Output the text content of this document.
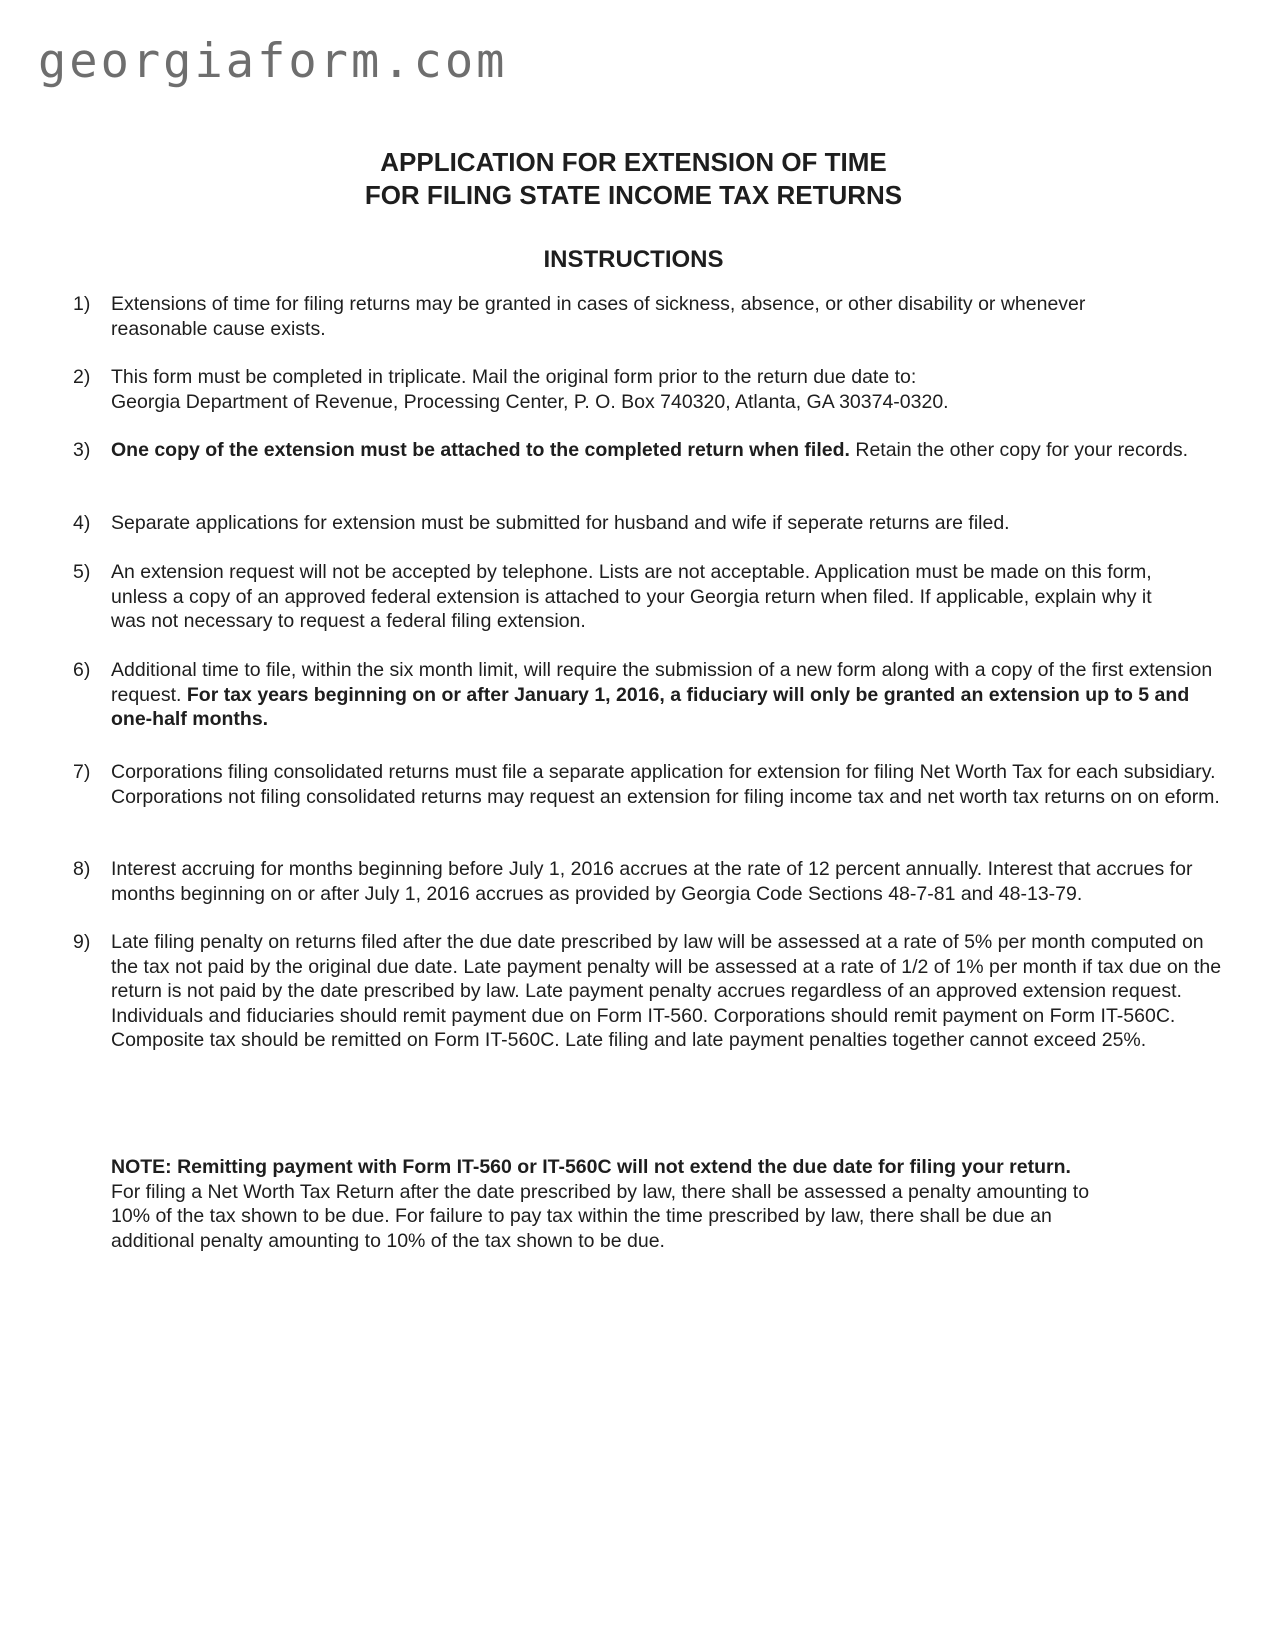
georgiaform.com
APPLICATION FOR EXTENSION OF TIME
FOR FILING STATE INCOME TAX RETURNS
INSTRUCTIONS
1) Extensions of time for filing returns may be granted in cases of sickness, absence, or other disability or whenever reasonable cause exists.
2) This form must be completed in triplicate. Mail the original form prior to the return due date to:
Georgia Department of Revenue, Processing Center, P. O. Box 740320, Atlanta, GA 30374-0320.
3) One copy of the extension must be attached to the completed return when filed. Retain the other copy for your records.
4) Separate applications for extension must be submitted for husband and wife if seperate returns are filed.
5) An extension request will not be accepted by telephone. Lists are not acceptable. Application must be made on this form, unless a copy of an approved federal extension is attached to your Georgia return when filed. If applicable, explain why it was not necessary to request a federal filing extension.
6) Additional time to file, within the six month limit, will require the submission of a new form along with a copy of the first extension request. For tax years beginning on or after January 1, 2016, a fiduciary will only be granted an extension up to 5 and one-half months.
7) Corporations filing consolidated returns must file a separate application for extension for filing Net Worth Tax for each subsidiary. Corporations not filing consolidated returns may request an extension for filing income tax and net worth tax returns on on eform.
8) Interest accruing for months beginning before July 1, 2016 accrues at the rate of 12 percent annually. Interest that accrues for months beginning on or after July 1, 2016 accrues as provided by Georgia Code Sections 48-7-81 and 48-13-79.
9) Late filing penalty on returns filed after the due date prescribed by law will be assessed at a rate of 5% per month computed on the tax not paid by the original due date. Late payment penalty will be assessed at a rate of 1/2 of 1% per month if tax due on the return is not paid by the date prescribed by law. Late payment penalty accrues regardless of an approved extension request. Individuals and fiduciaries should remit payment due on Form IT-560. Corporations should remit payment on Form IT-560C. Composite tax should be remitted on Form IT-560C. Late filing and late payment penalties together cannot exceed 25%.
NOTE: Remitting payment with Form IT-560 or IT-560C will not extend the due date for filing your return.
For filing a Net Worth Tax Return after the date prescribed by law, there shall be assessed a penalty amounting to 10% of the tax shown to be due. For failure to pay tax within the time prescribed by law, there shall be due an additional penalty amounting to 10% of the tax shown to be due.
